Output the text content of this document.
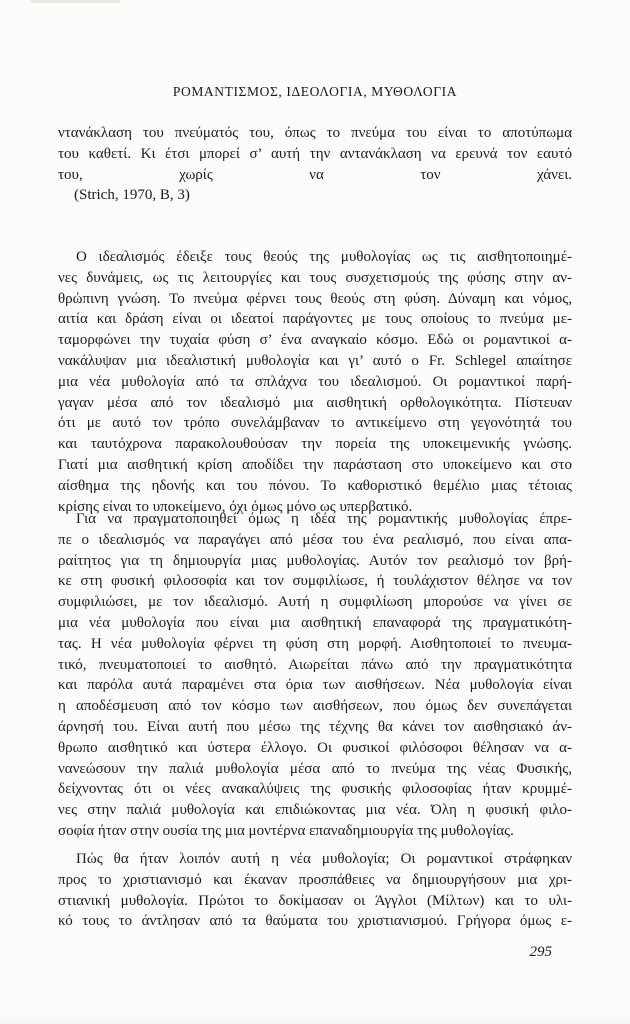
ΡΟΜΑΝΤΙΣΜΟΣ, ΙΔΕΟΛΟΓΙΑ, ΜΥΘΟΛΟΓΙΑ
ντανάκλαση του πνεύματός του, όπως το πνεύμα του είναι το αποτύπωμα
του καθετί. Κι έτσι μπορεί σ’ αυτή την αντανάκλαση να ερευνά τον εαυτό
του, χωρίς να τον χάνει.
(Strich, 1970, B, 3)
Ο ιδεαλισμός έδειξε τους θεούς της μυθολογίας ως τις αισθητοποιημέ-
νες δυνάμεις, ως τις λειτουργίες και τους συσχετισμούς της φύσης στην αν-
θρώπινη γνώση. Το πνεύμα φέρνει τους θεούς στη φύση. Δύναμη και νόμος,
αιτία και δράση είναι οι ιδεατοί παράγοντες με τους οποίους το πνεύμα με-
ταμορφώνει την τυχαία φύση σ’ ένα αναγκαίο κόσμο. Εδώ οι ρομαντικοί α-
νακάλυψαν μια ιδεαλιστική μυθολογία και γι’ αυτό ο Fr. Schlegel απαίτησε
μια νέα μυθολογία από τα σπλάχνα του ιδεαλισμού. Οι ρομαντικοί παρή-
γαγαν μέσα από τον ιδεαλισμό μια αισθητική ορθολογικότητα. Πίστευαν
ότι με αυτό τον τρόπο συνελάμβαναν το αντικείμενο στη γεγονότητά του
και ταυτόχρονα παρακολουθούσαν την πορεία της υποκειμενικής γνώσης.
Γιατί μια αισθητική κρίση αποδίδει την παράσταση στο υποκείμενο και στο
αίσθημα της ηδονής και του πόνου. Το καθοριστικό θεμέλιο μιας τέτοιας
κρίσης είναι το υποκείμενο, όχι όμως μόνο ως υπερβατικό.
Για να πραγματοποιηθεί όμως η ιδέα της ρομαντικής μυθολογίας έπρε-
πε ο ιδεαλισμός να παραγάγει από μέσα του ένα ρεαλισμό, που είναι απα-
ραίτητος για τη δημιουργία μιας μυθολογίας. Αυτόν τον ρεαλισμό τον βρή-
κε στη φυσική φιλοσοφία και τον συμφιλίωσε, ή τουλάχιστον θέλησε να τον
συμφιλιώσει, με τον ιδεαλισμό. Αυτή η συμφιλίωση μπορούσε να γίνει σε
μια νέα μυθολογία που είναι μια αισθητική επαναφορά της πραγματικότη-
τας. Η νέα μυθολογία φέρνει τη φύση στη μορφή. Αισθητοποιεί το πνευμα-
τικό, πνευματοποιεί το αισθητό. Αιωρείται πάνω από την πραγματικότητα
και παρόλα αυτά παραμένει στα όρια των αισθήσεων. Νέα μυθολογία είναι
η αποδέσμευση από τον κόσμο των αισθήσεων, που όμως δεν συνεπάγεται
άρνησή του. Είναι αυτή που μέσω της τέχνης θα κάνει τον αισθησιακό άν-
θρωπο αισθητικό και ύστερα έλλογο. Οι φυσικοί φιλόσοφοι θέλησαν να α-
νανεώσουν την παλιά μυθολογία μέσα από το πνεύμα της νέας Φυσικής,
δείχνοντας ότι οι νέες ανακαλύψεις της φυσικής φιλοσοφίας ήταν κρυμμέ-
νες στην παλιά μυθολογία και επιδιώκοντας μια νέα. Όλη η φυσική φιλο-
σοφία ήταν στην ουσία της μια μοντέρνα επαναδημιουργία της μυθολογίας.
Πώς θα ήταν λοιπόν αυτή η νέα μυθολογία; Οι ρομαντικοί στράφηκαν
προς το χριστιανισμό και έκαναν προσπάθειες να δημιουργήσουν μια χρι-
στιανική μυθολογία. Πρώτοι το δοκίμασαν οι Άγγλοι (Μίλτων) και το υλι-
κό τους το άντλησαν από τα θαύματα του χριστιανισμού. Γρήγορα όμως ε-
295
